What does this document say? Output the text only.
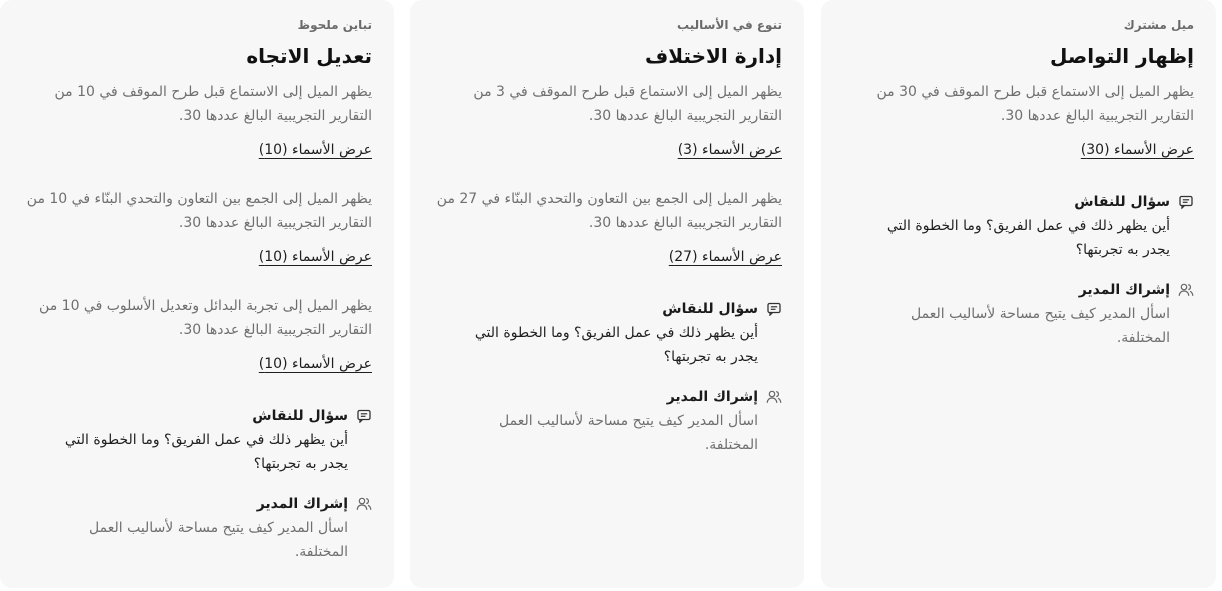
ميل مشترك
إظهار التواصل

يظهر الميل إلى الاستماع قبل طرح الموقف في 30 من التقارير التجريبية البالغ عددها 30.

عرض الأسماء (30)
سؤال للنقاش

أين يظهر ذلك في عمل الفريق؟ وما الخطوة التي يجدر به تجربتها؟

إشراك المدير

اسأل المدير كيف يتيح مساحة لأساليب العمل المختلفة.

تنوع في الأساليب
إدارة الاختلاف

يظهر الميل إلى الاستماع قبل طرح الموقف في 3 من التقارير التجريبية البالغ عددها 30.

عرض الأسماء (3)

يظهر الميل إلى الجمع بين التعاون والتحدي البنّاء في 27 من التقارير التجريبية البالغ عددها 30.

عرض الأسماء (27)
سؤال للنقاش

أين يظهر ذلك في عمل الفريق؟ وما الخطوة التي يجدر به تجربتها؟

إشراك المدير

اسأل المدير كيف يتيح مساحة لأساليب العمل المختلفة.

تباين ملحوظ
تعديل الاتجاه

يظهر الميل إلى الاستماع قبل طرح الموقف في 10 من التقارير التجريبية البالغ عددها 30.

عرض الأسماء (10)

يظهر الميل إلى الجمع بين التعاون والتحدي البنّاء في 10 من التقارير التجريبية البالغ عددها 30.

عرض الأسماء (10)

يظهر الميل إلى تجربة البدائل وتعديل الأسلوب في 10 من التقارير التجريبية البالغ عددها 30.

عرض الأسماء (10)
سؤال للنقاش

أين يظهر ذلك في عمل الفريق؟ وما الخطوة التي يجدر به تجربتها؟

إشراك المدير

اسأل المدير كيف يتيح مساحة لأساليب العمل المختلفة.
